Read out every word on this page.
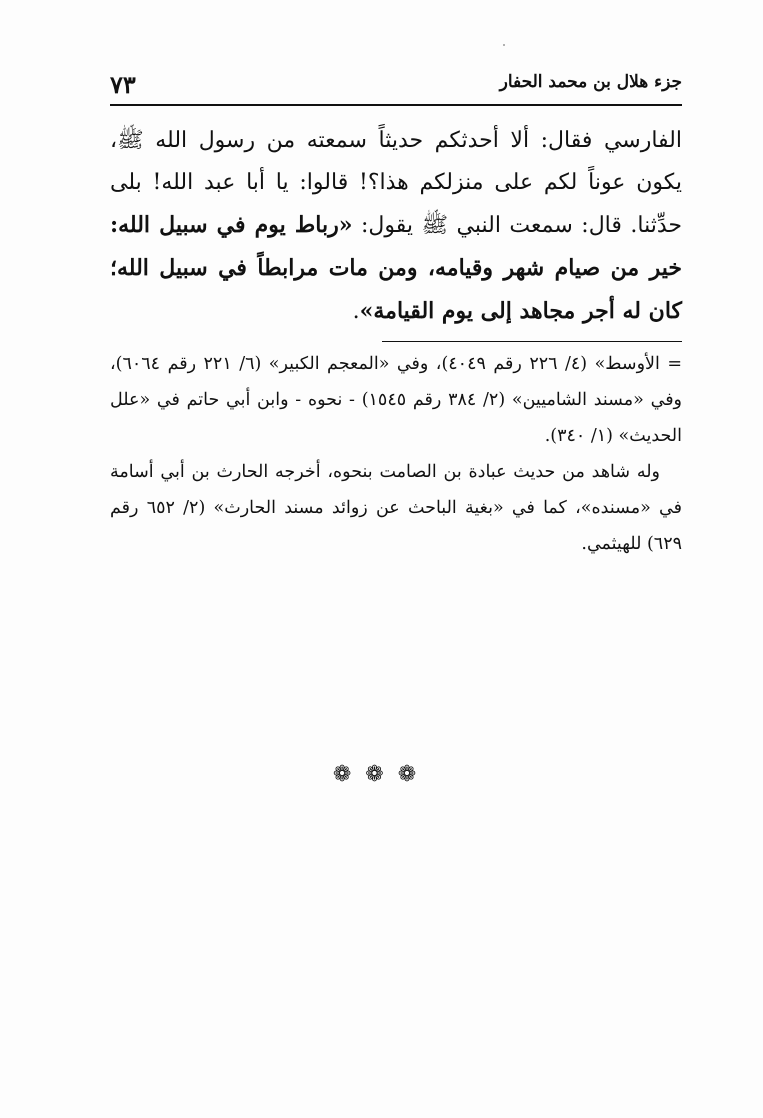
٧٣	جزء هلال بن محمد الحفار

الفارسي فقال: ألا أحدثكم حديثاً سمعته من رسول الله ﷺ، يكون عوناً لكم على منزلكم هذا؟! قالوا: يا أبا عبد الله! بلى حدِّثنا. قال: سمعت النبي ﷺ يقول: «رباط يوم في سبيل الله: خير من صيام شهر وقيامه، ومن مات مرابطاً في سبيل الله؛ كان له أجر مجاهد إلى يوم القيامة».

= الأوسط» (٤/ ٢٢٦ رقم ٤٠٤٩)، وفي «المعجم الكبير» (٦/ ٢٢١ رقم ٦٠٦٤)، وفي «مسند الشاميين» (٢/ ٣٨٤ رقم ١٥٤٥) - نحوه - وابن أبي حاتم في «علل الحديث» (١/ ٣٤٠).

وله شاهد من حديث عبادة بن الصامت بنحوه، أخرجه الحارث بن أبي أسامة في «مسنده»، كما في «بغية الباحث عن زوائد مسند الحارث» (٢/ ٦٥٢ رقم ٦٢٩) للهيثمي.

❁❁❁
